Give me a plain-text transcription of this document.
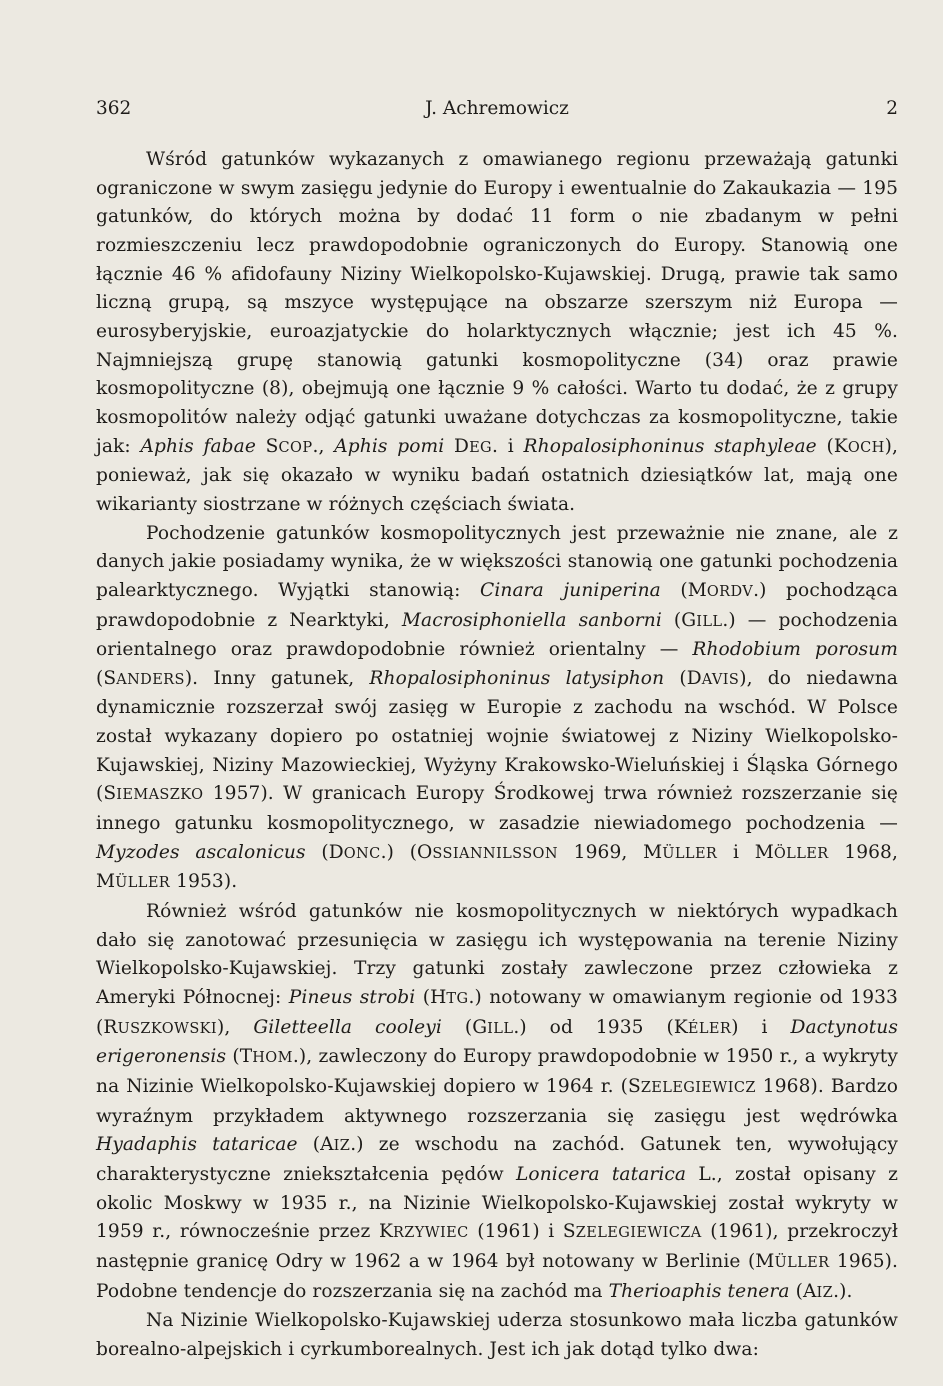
362	J. Achremowicz	2

Wśród gatunków wykazanych z omawianego regionu przeważają gatunki ograniczone w swym zasięgu jedynie do Europy i ewentualnie do Zakaukazia — 195 gatunków, do których można by dodać 11 form o nie zbadanym w pełni rozmieszczeniu lecz prawdopodobnie ograniczonych do Europy. Stanowią one łącznie 46 % afidofauny Niziny Wielkopolsko-Kujawskiej. Drugą, prawie tak samo liczną grupą, są mszyce występujące na obszarze szerszym niż Europa — eurosyberyjskie, euroazjatyckie do holarktycznych włącznie; jest ich 45 %. Najmniejszą grupę stanowią gatunki kosmopolityczne (34) oraz prawie kosmopolityczne (8), obejmują one łącznie 9 % całości. Warto tu dodać, że z grupy kosmopolitów należy odjąć gatunki uważane dotychczas za kosmopolityczne, takie jak: Aphis fabae SCOP., Aphis pomi DEG. i Rhopalosiphoninus staphyleae (KOCH), ponieważ, jak się okazało w wyniku badań ostatnich dziesiątków lat, mają one wikarianty siostrzane w różnych częściach świata.

Pochodzenie gatunków kosmopolitycznych jest przeważnie nie znane, ale z danych jakie posiadamy wynika, że w większości stanowią one gatunki pochodzenia palearktycznego. Wyjątki stanowią: Cinara juniperina (MORDV.) pochodząca prawdopodobnie z Nearktyki, Macrosiphoniella sanborni (GILL.) — pochodzenia orientalnego oraz prawdopodobnie również orientalny — Rhodobium porosum (SANDERS). Inny gatunek, Rhopalosiphoninus latysiphon (DAVIS), do niedawna dynamicznie rozszerzał swój zasięg w Europie z zachodu na wschód. W Polsce został wykazany dopiero po ostatniej wojnie światowej z Niziny Wielkopolsko-Kujawskiej, Niziny Mazowieckiej, Wyżyny Krakowsko-Wieluńskiej i Śląska Górnego (SIEMASZKO 1957). W granicach Europy Środkowej trwa również rozszerzanie się innego gatunku kosmopolitycznego, w zasadzie niewiadomego pochodzenia — Myzodes ascalonicus (DONC.) (OSSIANNILSSON 1969, MÜLLER i MÖLLER 1968, MÜLLER 1953).

Również wśród gatunków nie kosmopolitycznych w niektórych wypadkach dało się zanotować przesunięcia w zasięgu ich występowania na terenie Niziny Wielkopolsko-Kujawskiej. Trzy gatunki zostały zawleczone przez człowieka z Ameryki Północnej: Pineus strobi (HTG.) notowany w omawianym regionie od 1933 (RUSZKOWSKI), Giletteella cooleyi (GILL.) od 1935 (KÉLER) i Dactynotus erigeronensis (THOM.), zawleczony do Europy prawdopodobnie w 1950 r., a wykryty na Nizinie Wielkopolsko-Kujawskiej dopiero w 1964 r. (SZELEGIEWICZ 1968). Bardzo wyraźnym przykładem aktywnego rozszerzania się zasięgu jest wędrówka Hyadaphis tataricae (AIZ.) ze wschodu na zachód. Gatunek ten, wywołujący charakterystyczne zniekształcenia pędów Lonicera tatarica L., został opisany z okolic Moskwy w 1935 r., na Nizinie Wielkopolsko-Kujawskiej został wykryty w 1959 r., równocześnie przez KRZYWIEC (1961) i SZELEGIEWICZA (1961), przekroczył następnie granicę Odry w 1962 a w 1964 był notowany w Berlinie (MÜLLER 1965). Podobne tendencje do rozszerzania się na zachód ma Therioaphis tenera (AIZ.).

Na Nizinie Wielkopolsko-Kujawskiej uderza stosunkowo mała liczba gatunków borealno-alpejskich i cyrkumborealnych. Jest ich jak dotąd tylko dwa:
